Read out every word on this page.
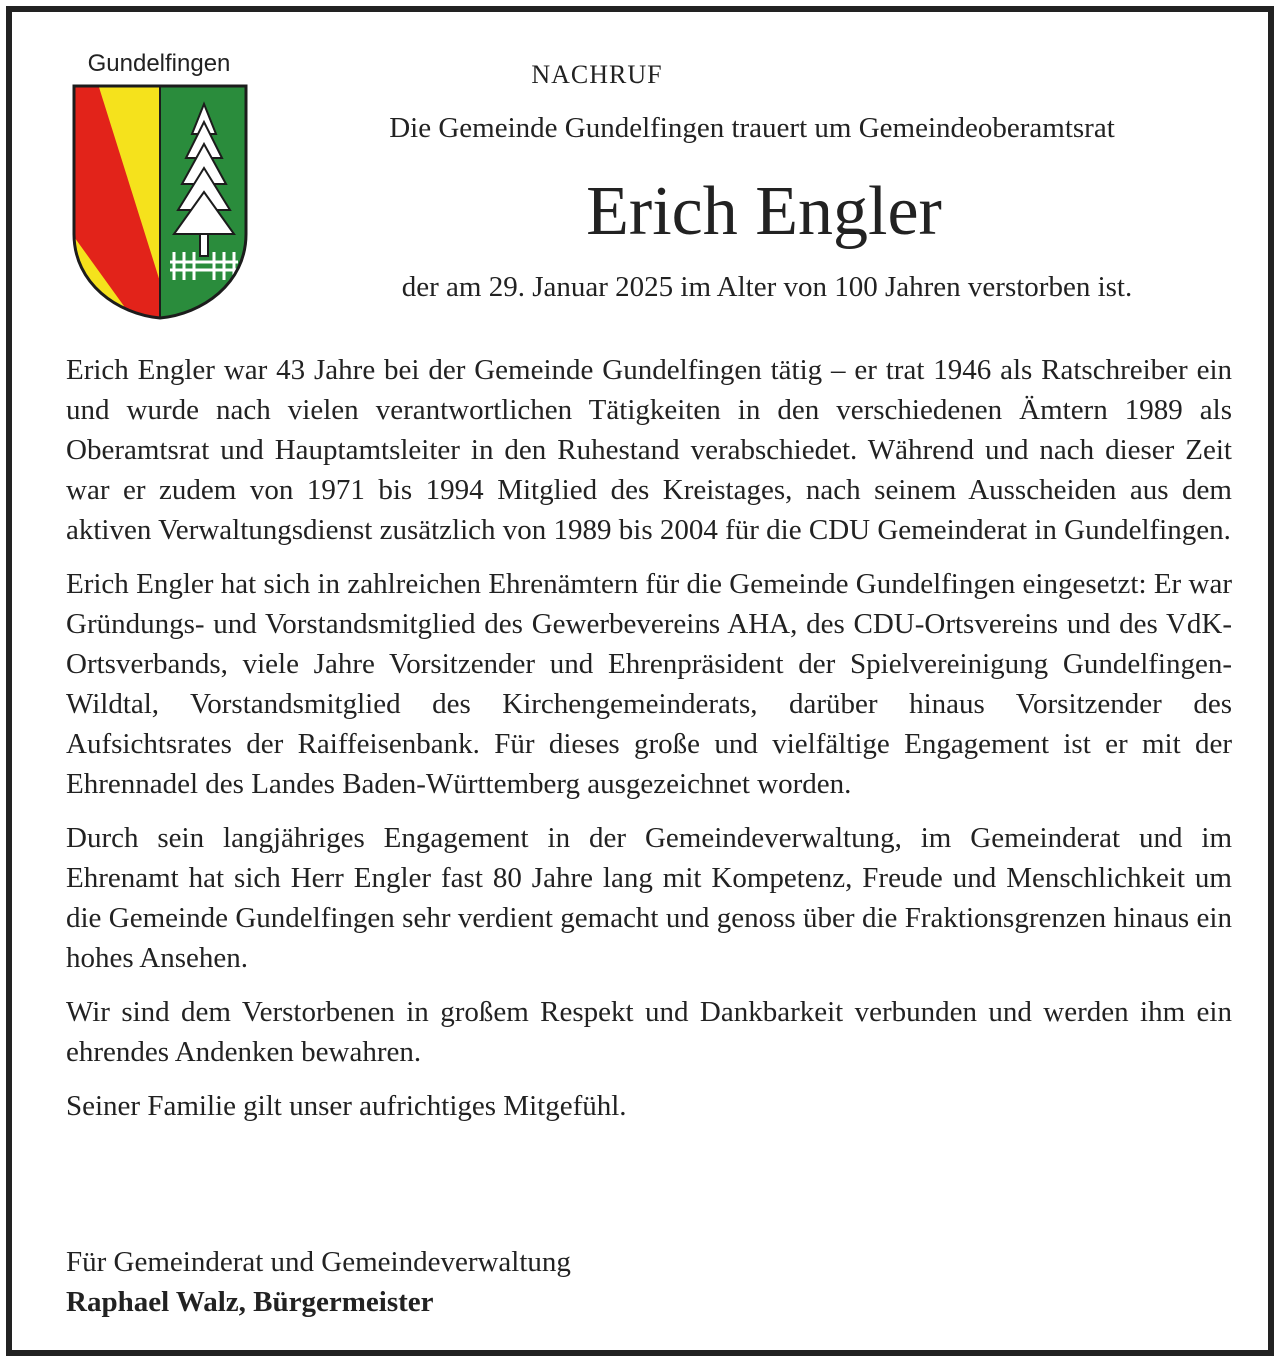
Gundelfingen	NACHRUF
Die Gemeinde Gundelfingen trauert um Gemeindeoberamtsrat
Erich Engler
der am 29. Januar 2025 im Alter von 100 Jahren verstorben ist.

Erich Engler war 43 Jahre bei der Gemeinde Gundelfingen tätig – er trat 1946 als Ratschreiber ein und wurde nach vielen verantwortlichen Tätigkeiten in den verschiedenen Ämtern 1989 als Oberamtsrat und Hauptamtsleiter in den Ruhestand verabschiedet. Während und nach dieser Zeit war er zudem von 1971 bis 1994 Mitglied des Kreistages, nach seinem Ausscheiden aus dem aktiven Verwaltungsdienst zusätzlich von 1989 bis 2004 für die CDU Gemeinderat in Gundelfingen.

Erich Engler hat sich in zahlreichen Ehrenämtern für die Gemeinde Gundelfingen eingesetzt: Er war Gründungs- und Vorstandsmitglied des Gewerbevereins AHA, des CDU-Ortsvereins und des VdK-Ortsverbands, viele Jahre Vorsitzender und Ehrenpräsident der Spielvereinigung Gundelfingen-Wildtal, Vorstandsmitglied des Kirchengemeinderats, darüber hinaus Vorsitzender des Aufsichtsrates der Raiffeisenbank. Für dieses große und vielfältige Engagement ist er mit der Ehrennadel des Landes Baden-Württemberg ausgezeichnet worden.

Durch sein langjähriges Engagement in der Gemeindeverwaltung, im Gemeinderat und im Ehrenamt hat sich Herr Engler fast 80 Jahre lang mit Kompetenz, Freude und Menschlichkeit um die Gemeinde Gundelfingen sehr verdient gemacht und genoss über die Fraktionsgrenzen hinaus ein hohes Ansehen.

Wir sind dem Verstorbenen in großem Respekt und Dankbarkeit verbunden und werden ihm ein ehrendes Andenken bewahren.

Seiner Familie gilt unser aufrichtiges Mitgefühl.

Für Gemeinderat und Gemeindeverwaltung
Raphael Walz, Bürgermeister
